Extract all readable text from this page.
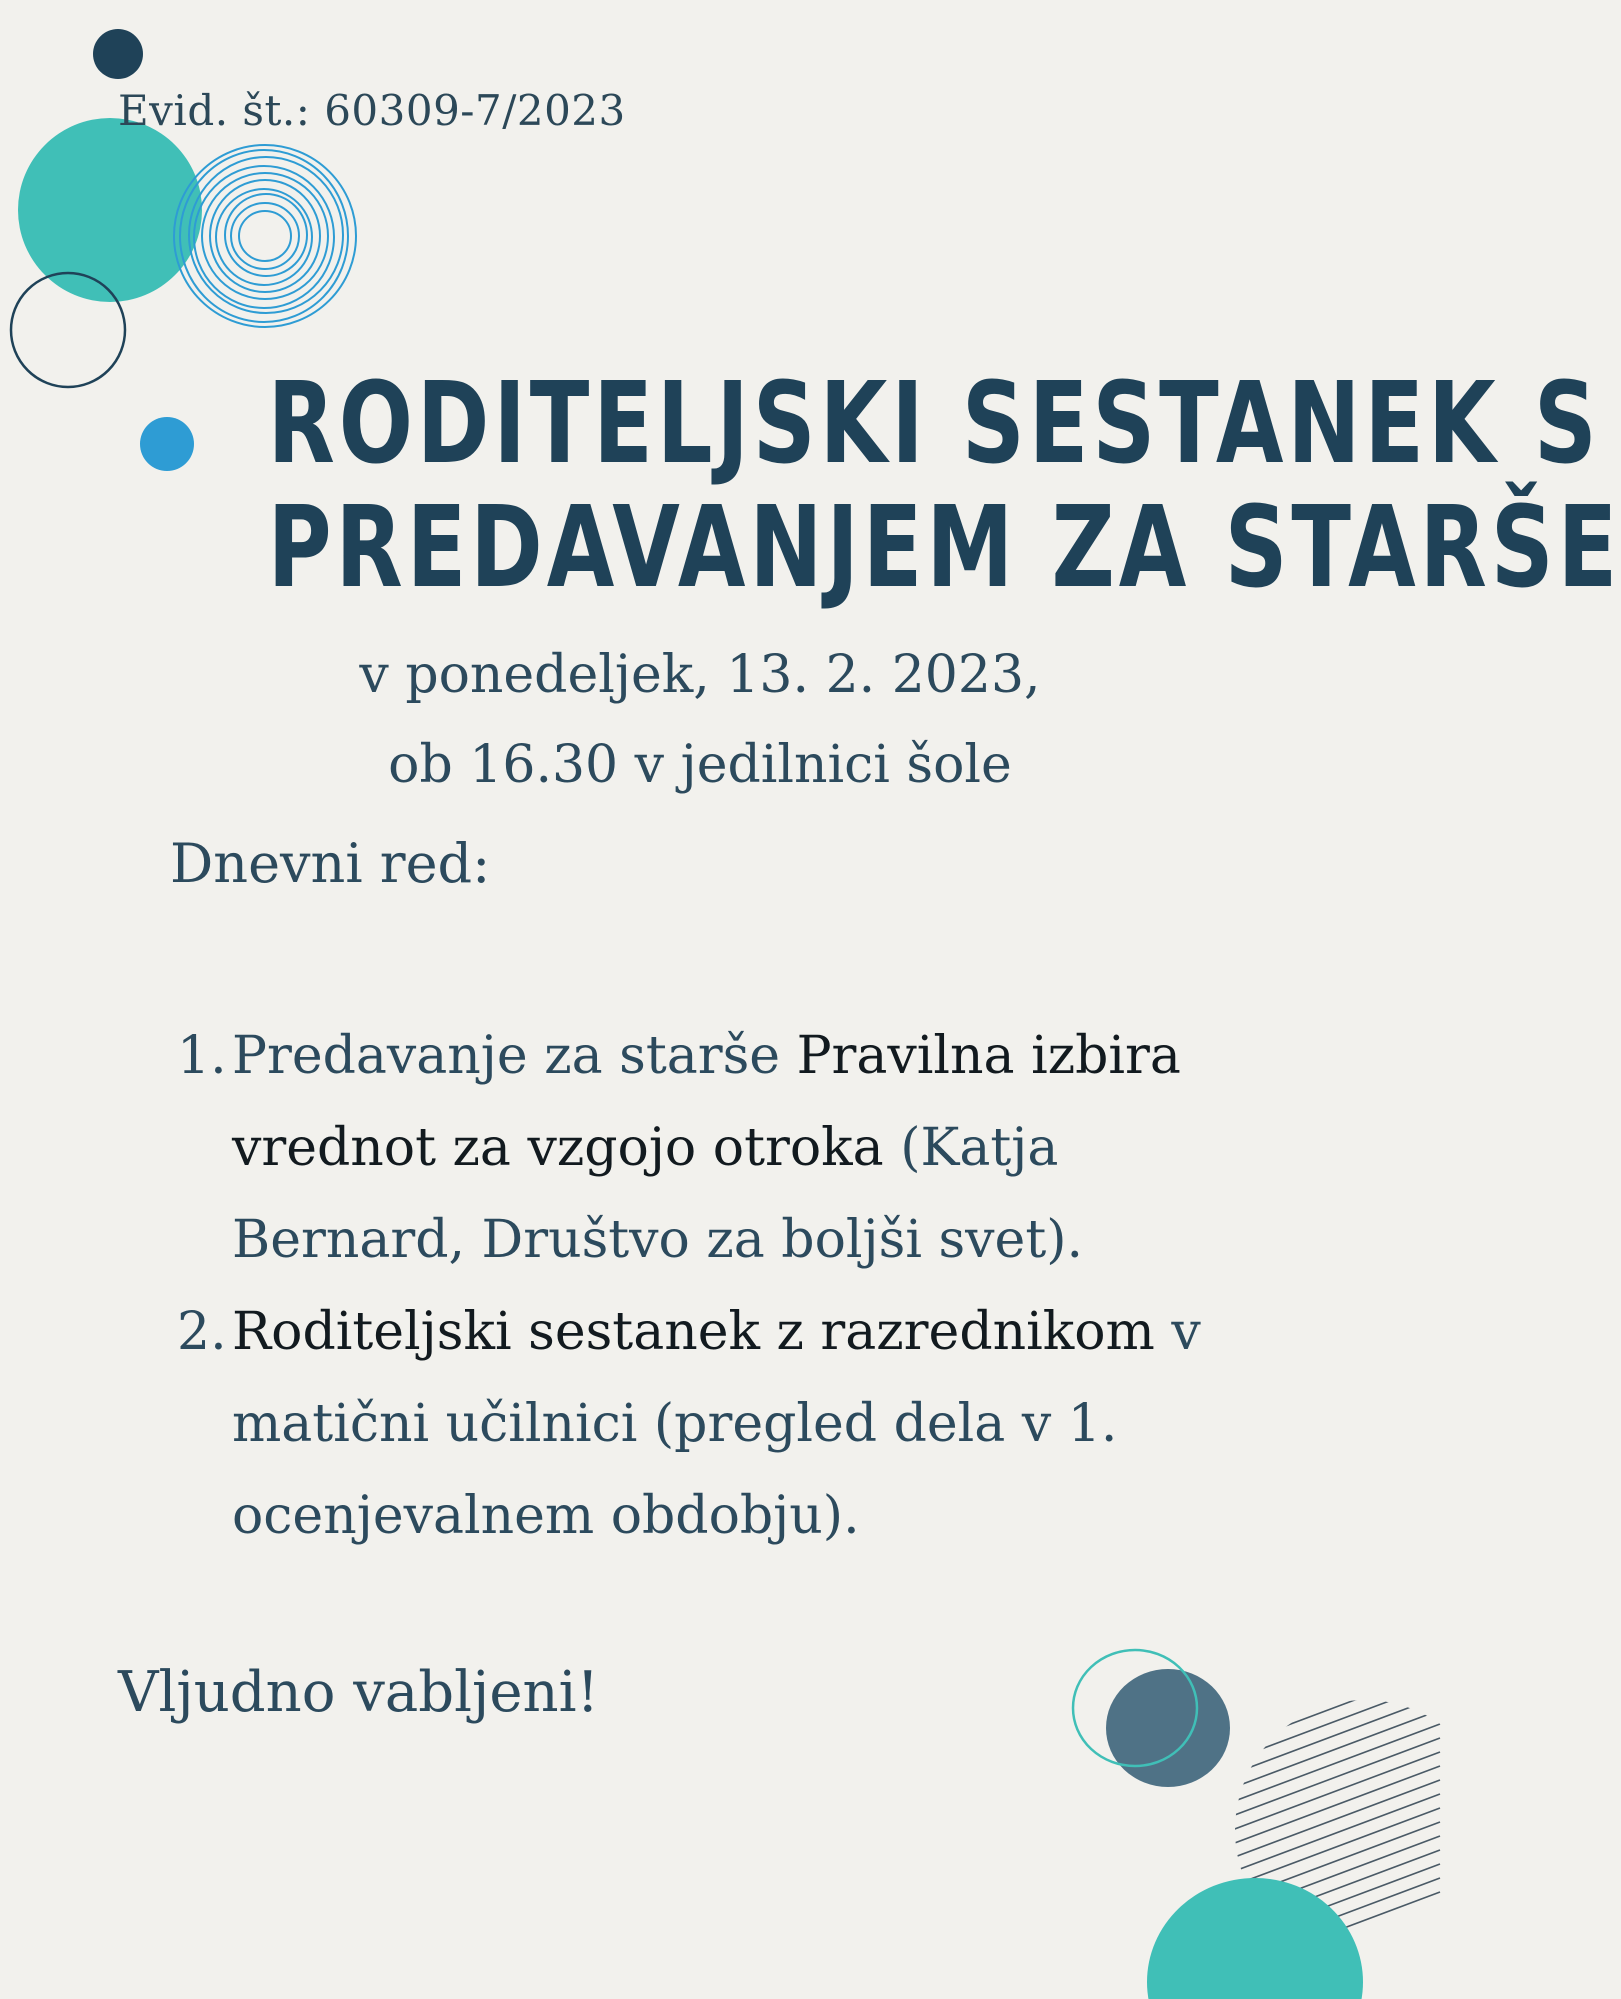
Evid. št.: 60309-7/2023
RODITELJSKI SESTANEK S
PREDAVANJEM ZA STARŠE
v ponedeljek, 13. 2. 2023,
ob 16.30 v jedilnici šole
Dnevni red:
1. Predavanje za starše Pravilna izbira vrednot za vzgojo otroka (Katja Bernard, Društvo za boljši svet).
2. Roditeljski sestanek z razrednikom v matični učilnici (pregled dela v 1. ocenjevalnem obdobju).
Vljudno vabljeni!
